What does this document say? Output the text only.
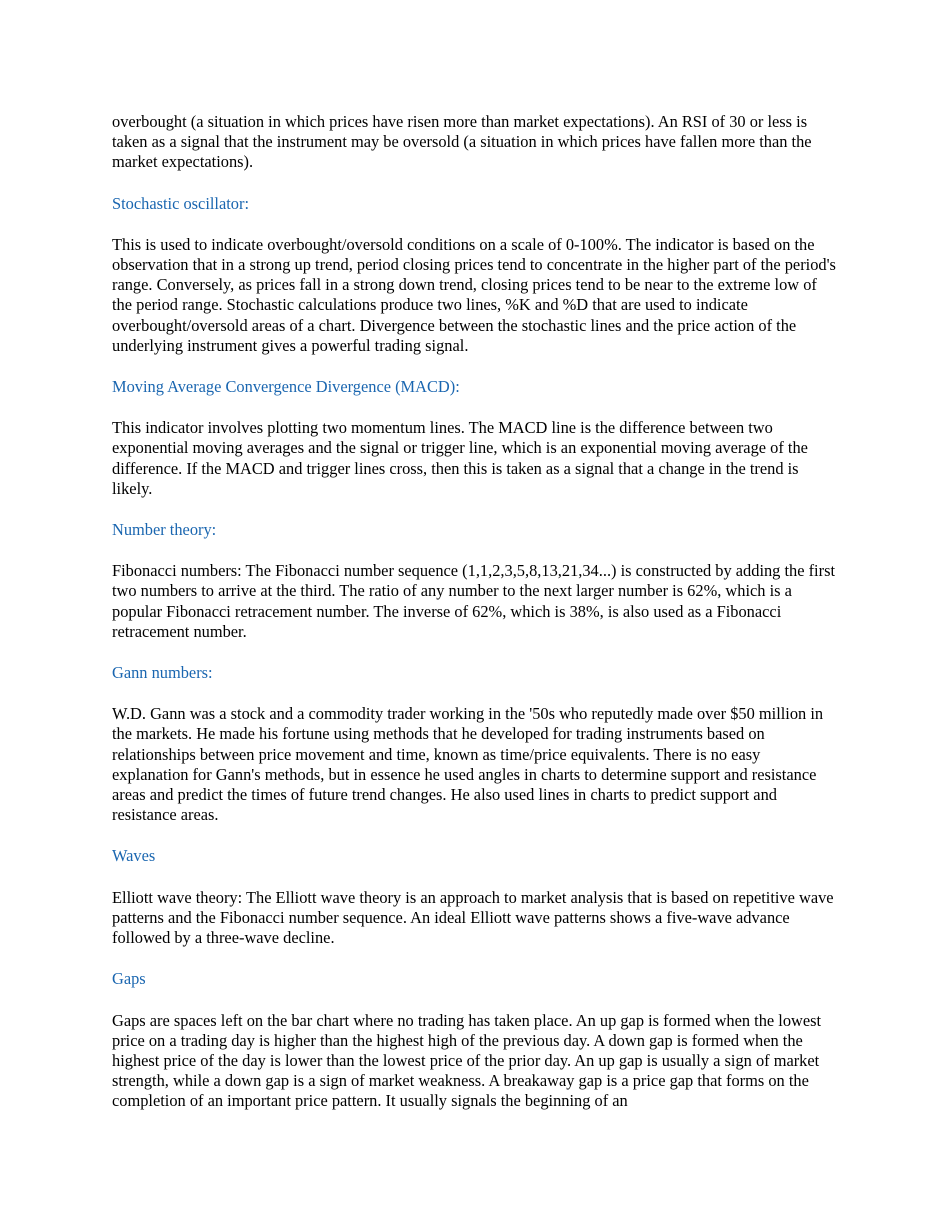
overbought (a situation in which prices have risen more than market expectations). An RSI of 30 or less is taken as a signal that the instrument may be oversold (a situation in which prices have fallen more than the market expectations).

Stochastic oscillator:

This is used to indicate overbought/oversold conditions on a scale of 0-100%. The indicator is based on the observation that in a strong up trend, period closing prices tend to concentrate in the higher part of the period's range. Conversely, as prices fall in a strong down trend, closing prices tend to be near to the extreme low of the period range. Stochastic calculations produce two lines, %K and %D that are used to indicate overbought/oversold areas of a chart. Divergence between the stochastic lines and the price action of the underlying instrument gives a powerful trading signal.

Moving Average Convergence Divergence (MACD):

This indicator involves plotting two momentum lines. The MACD line is the difference between two exponential moving averages and the signal or trigger line, which is an exponential moving average of the difference. If the MACD and trigger lines cross, then this is taken as a signal that a change in the trend is likely.

Number theory:

Fibonacci numbers: The Fibonacci number sequence (1,1,2,3,5,8,13,21,34...) is constructed by adding the first two numbers to arrive at the third. The ratio of any number to the next larger number is 62%, which is a popular Fibonacci retracement number. The inverse of 62%, which is 38%, is also used as a Fibonacci retracement number.

Gann numbers:

W.D. Gann was a stock and a commodity trader working in the '50s who reputedly made over $50 million in the markets. He made his fortune using methods that he developed for trading instruments based on relationships between price movement and time, known as time/price equivalents. There is no easy explanation for Gann's methods, but in essence he used angles in charts to determine support and resistance areas and predict the times of future trend changes. He also used lines in charts to predict support and resistance areas.

Waves

Elliott wave theory: The Elliott wave theory is an approach to market analysis that is based on repetitive wave patterns and the Fibonacci number sequence. An ideal Elliott wave patterns shows a five-wave advance followed by a three-wave decline.

Gaps

Gaps are spaces left on the bar chart where no trading has taken place. An up gap is formed when the lowest price on a trading day is higher than the highest high of the previous day. A down gap is formed when the highest price of the day is lower than the lowest price of the prior day. An up gap is usually a sign of market strength, while a down gap is a sign of market weakness. A breakaway gap is a price gap that forms on the completion of an important price pattern. It usually signals the beginning of an
